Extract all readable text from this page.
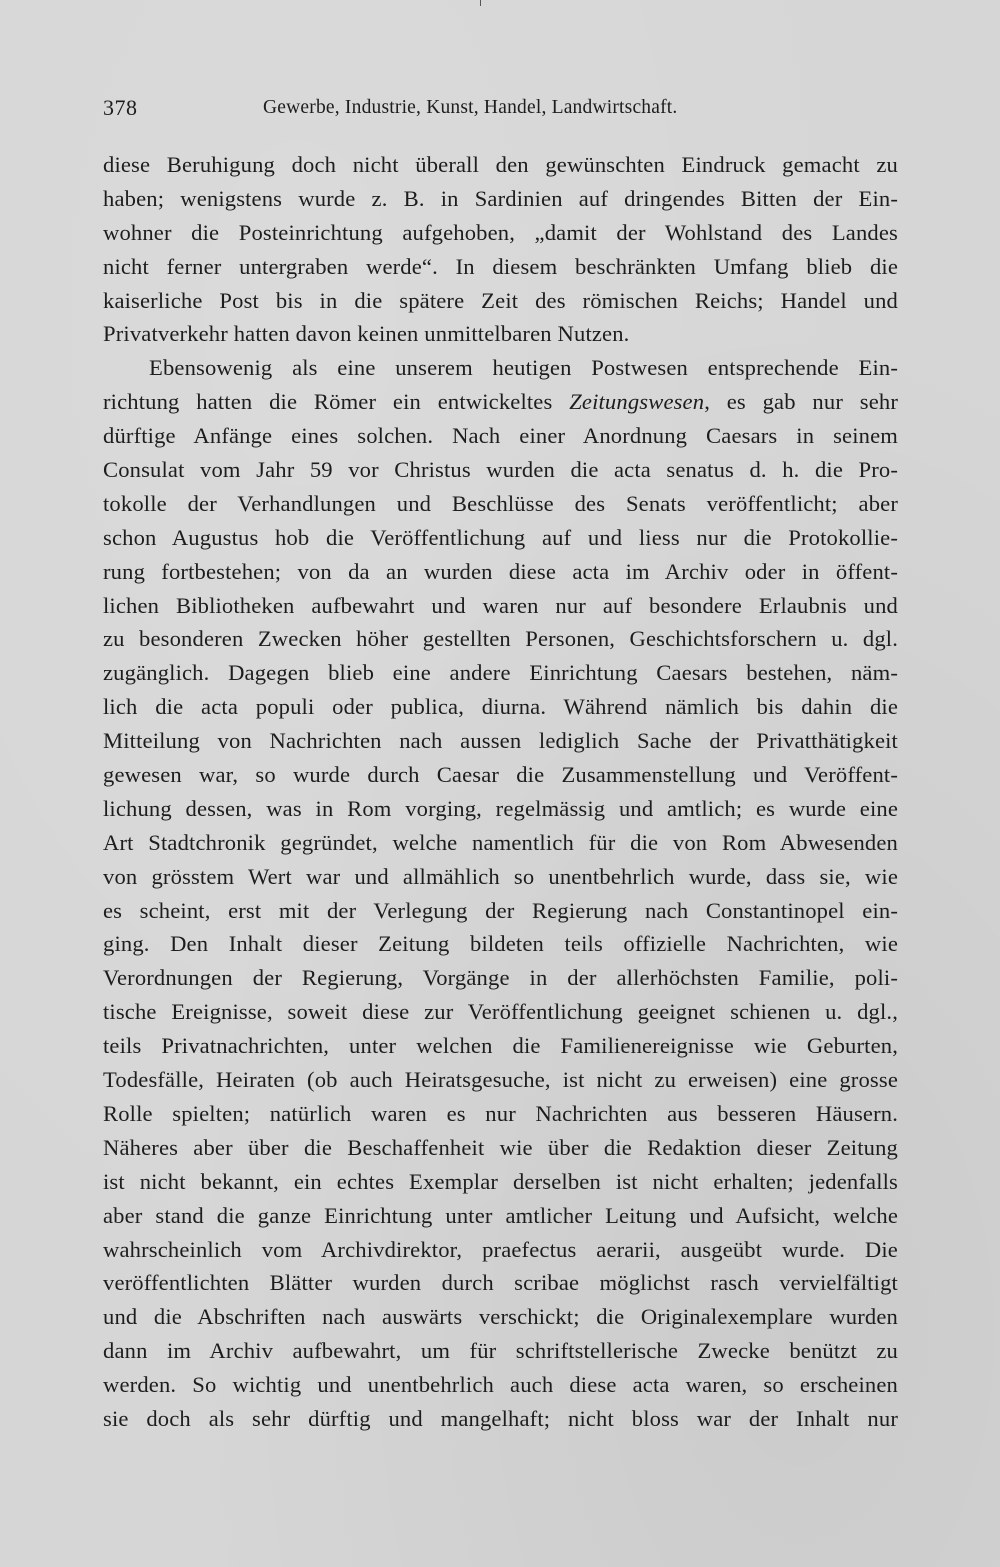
378	Gewerbe, Industrie, Kunst, Handel, Landwirtschaft.
diese Beruhigung doch nicht überall den gewünschten Eindruck gemacht zu
haben; wenigstens wurde z. B. in Sardinien auf dringendes Bitten der Ein-
wohner die Posteinrichtung aufgehoben, „damit der Wohlstand des Landes
nicht ferner untergraben werde“. In diesem beschränkten Umfang blieb die
kaiserliche Post bis in die spätere Zeit des römischen Reichs; Handel und
Privatverkehr hatten davon keinen unmittelbaren Nutzen.
Ebensowenig als eine unserem heutigen Postwesen entsprechende Ein-
richtung hatten die Römer ein entwickeltes Zeitungswesen, es gab nur sehr
dürftige Anfänge eines solchen. Nach einer Anordnung Caesars in seinem
Consulat vom Jahr 59 vor Christus wurden die acta senatus d. h. die Pro-
tokolle der Verhandlungen und Beschlüsse des Senats veröffentlicht; aber
schon Augustus hob die Veröffentlichung auf und liess nur die Protokollie-
rung fortbestehen; von da an wurden diese acta im Archiv oder in öffent-
lichen Bibliotheken aufbewahrt und waren nur auf besondere Erlaubnis und
zu besonderen Zwecken höher gestellten Personen, Geschichtsforschern u. dgl.
zugänglich. Dagegen blieb eine andere Einrichtung Caesars bestehen, näm-
lich die acta populi oder publica, diurna. Während nämlich bis dahin die
Mitteilung von Nachrichten nach aussen lediglich Sache der Privatthätigkeit
gewesen war, so wurde durch Caesar die Zusammenstellung und Veröffent-
lichung dessen, was in Rom vorging, regelmässig und amtlich; es wurde eine
Art Stadtchronik gegründet, welche namentlich für die von Rom Abwesenden
von grösstem Wert war und allmählich so unentbehrlich wurde, dass sie, wie
es scheint, erst mit der Verlegung der Regierung nach Constantinopel ein-
ging. Den Inhalt dieser Zeitung bildeten teils offizielle Nachrichten, wie
Verordnungen der Regierung, Vorgänge in der allerhöchsten Familie, poli-
tische Ereignisse, soweit diese zur Veröffentlichung geeignet schienen u. dgl.,
teils Privatnachrichten, unter welchen die Familienereignisse wie Geburten,
Todesfälle, Heiraten (ob auch Heiratsgesuche, ist nicht zu erweisen) eine grosse
Rolle spielten; natürlich waren es nur Nachrichten aus besseren Häusern.
Näheres aber über die Beschaffenheit wie über die Redaktion dieser Zeitung
ist nicht bekannt, ein echtes Exemplar derselben ist nicht erhalten; jedenfalls
aber stand die ganze Einrichtung unter amtlicher Leitung und Aufsicht, welche
wahrscheinlich vom Archivdirektor, praefectus aerarii, ausgeübt wurde. Die
veröffentlichten Blätter wurden durch scribae möglichst rasch vervielfältigt
und die Abschriften nach auswärts verschickt; die Originalexemplare wurden
dann im Archiv aufbewahrt, um für schriftstellerische Zwecke benützt zu
werden. So wichtig und unentbehrlich auch diese acta waren, so erscheinen
sie doch als sehr dürftig und mangelhaft; nicht bloss war der Inhalt nur
